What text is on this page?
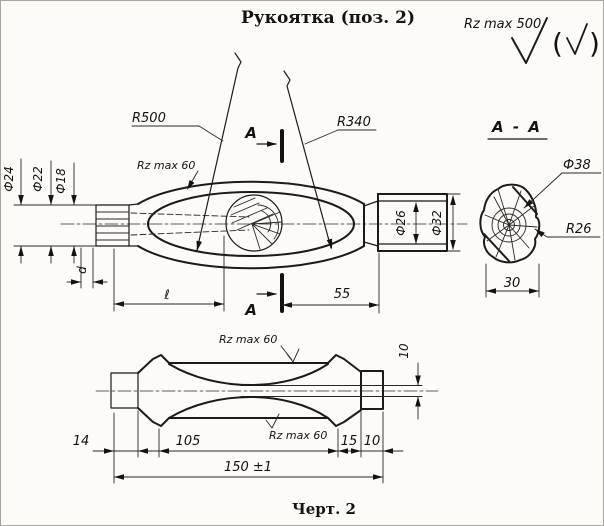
Рукоятка (поз. 2)	Rz max 500
( )
R500	R340
Rz max 60
А
А
Ф24 Ф22 Ф18
d
ℓ	55
Ф26 Ф32
А - А
Ф38
R26
30
Rz max 60
Rz max 60
10
14	105	15 10
150 ±1
Черт. 2
